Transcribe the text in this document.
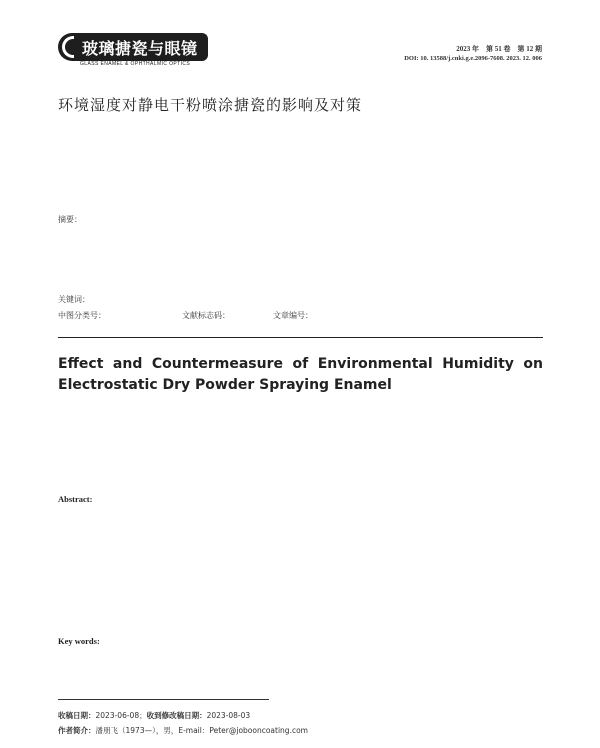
玻璃搪瓷与眼镜
GLASS ENAMEL & OPHTHALMIC OPTICS
2023 年　第 51 卷　第 12 期
DOI: 10. 13588/j.cnki.g.e.2096-7608. 2023. 12. 006
环境湿度对静电干粉喷涂搪瓷的影响及对策
摘要：
关键词：
中图分类号：	文献标志码：	文章编号：
Effect and Countermeasure of Environmental Humidity on
Electrostatic Dry Powder Spraying Enamel
Abstract:
Key words:
收稿日期：2023-06-08；收到修改稿日期：2023-08-03
作者简介：潘朋飞（1973—），男，E-mail：Peter@jobooncoating.com
